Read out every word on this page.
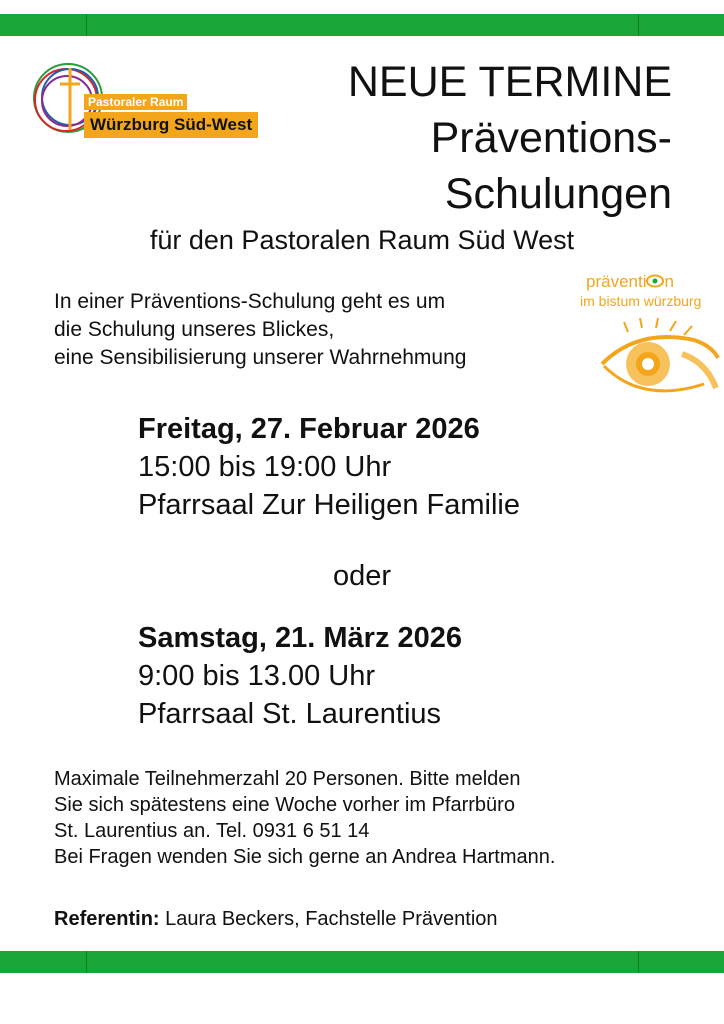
Pastoraler Raum
Würzburg Süd-West
NEUE TERMINE
Präventions-
Schulungen
für den Pastoralen Raum Süd West
präventi n
im bistum würzburg
In einer Präventions-Schulung geht es um
die Schulung unseres Blickes,
eine Sensibilisierung unserer Wahrnehmung
Freitag, 27. Februar 2026
15:00 bis 19:00 Uhr
Pfarrsaal Zur Heiligen Familie
oder
Samstag, 21. März 2026
9:00 bis 13.00 Uhr
Pfarrsaal St. Laurentius
Maximale Teilnehmerzahl 20 Personen. Bitte melden
Sie sich spätestens eine Woche vorher im Pfarrbüro
St. Laurentius an. Tel. 0931 6 51 14
Bei Fragen wenden Sie sich gerne an Andrea Hartmann.
Referentin: Laura Beckers, Fachstelle Prävention
